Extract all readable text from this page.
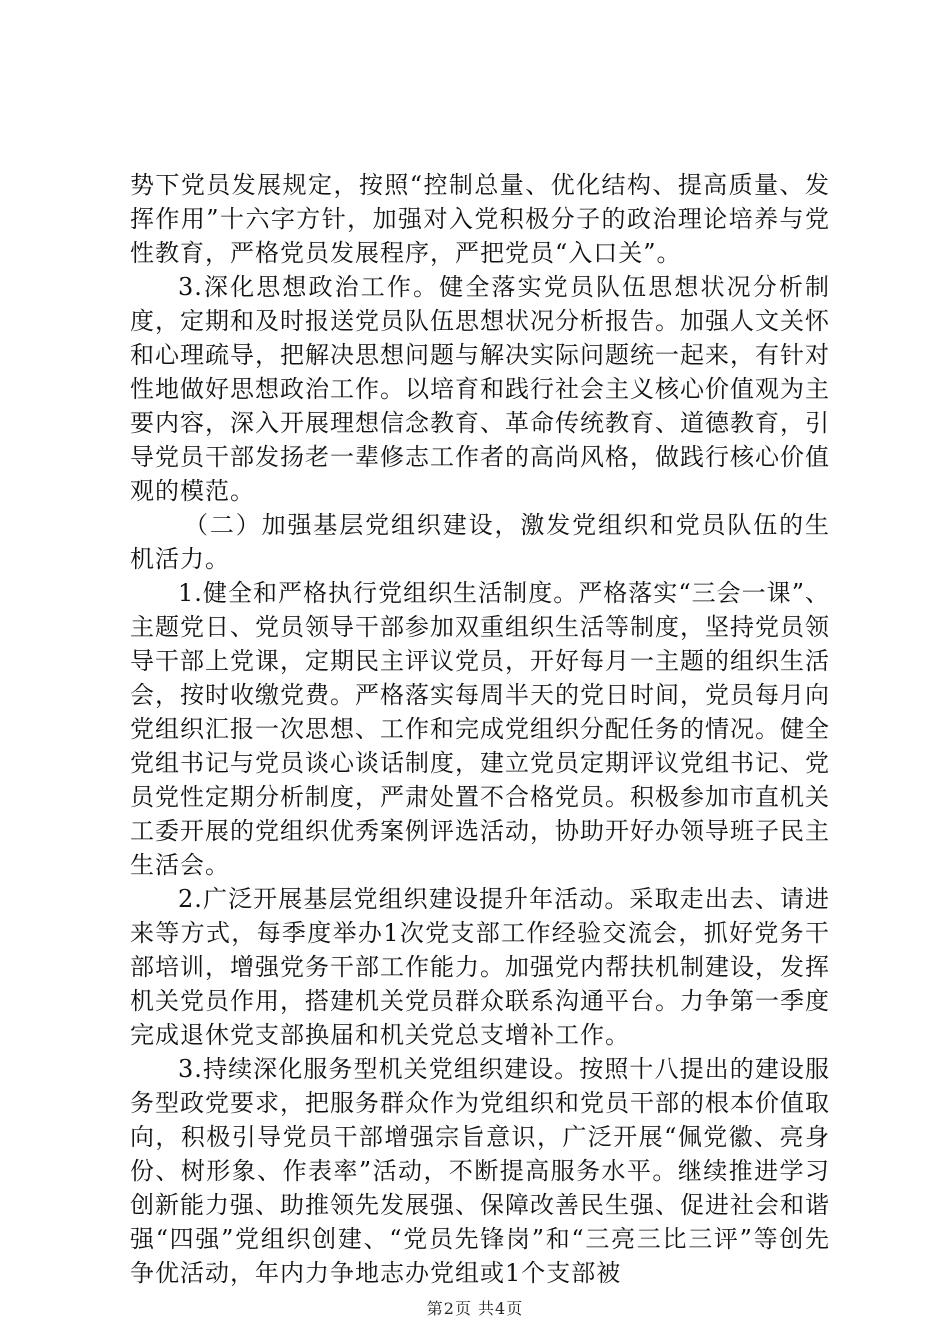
势下党员发展规定，按照“控制总量、优化结构、提高质量、发挥作用”十六字方针，加强对入党积极分子的政治理论培养与党性教育，严格党员发展程序，严把党员“入口关”。

3.深化思想政治工作。健全落实党员队伍思想状况分析制度，定期和及时报送党员队伍思想状况分析报告。加强人文关怀和心理疏导，把解决思想问题与解决实际问题统一起来，有针对性地做好思想政治工作。以培育和践行社会主义核心价值观为主要内容，深入开展理想信念教育、革命传统教育、道德教育，引导党员干部发扬老一辈修志工作者的高尚风格，做践行核心价值观的模范。

（二）加强基层党组织建设，激发党组织和党员队伍的生机活力。

1.健全和严格执行党组织生活制度。严格落实“三会一课”、主题党日、党员领导干部参加双重组织生活等制度，坚持党员领导干部上党课，定期民主评议党员，开好每月一主题的组织生活会，按时收缴党费。严格落实每周半天的党日时间，党员每月向党组织汇报一次思想、工作和完成党组织分配任务的情况。健全党组书记与党员谈心谈话制度，建立党员定期评议党组书记、党员党性定期分析制度，严肃处置不合格党员。积极参加市直机关工委开展的党组织优秀案例评选活动，协助开好办领导班子民主生活会。

2.广泛开展基层党组织建设提升年活动。采取走出去、请进来等方式，每季度举办1次党支部工作经验交流会，抓好党务干部培训，增强党务干部工作能力。加强党内帮扶机制建设，发挥机关党员作用，搭建机关党员群众联系沟通平台。力争第一季度完成退休党支部换届和机关党总支增补工作。

3.持续深化服务型机关党组织建设。按照十八提出的建设服务型政党要求，把服务群众作为党组织和党员干部的根本价值取向，积极引导党员干部增强宗旨意识，广泛开展“佩党徽、亮身份、树形象、作表率”活动，不断提高服务水平。继续推进学习创新能力强、助推领先发展强、保障改善民生强、促进社会和谐强“四强”党组织创建、“党员先锋岗”和“三亮三比三评”等创先争优活动，年内力争地志办党组或1个支部被

第2页 共4页
